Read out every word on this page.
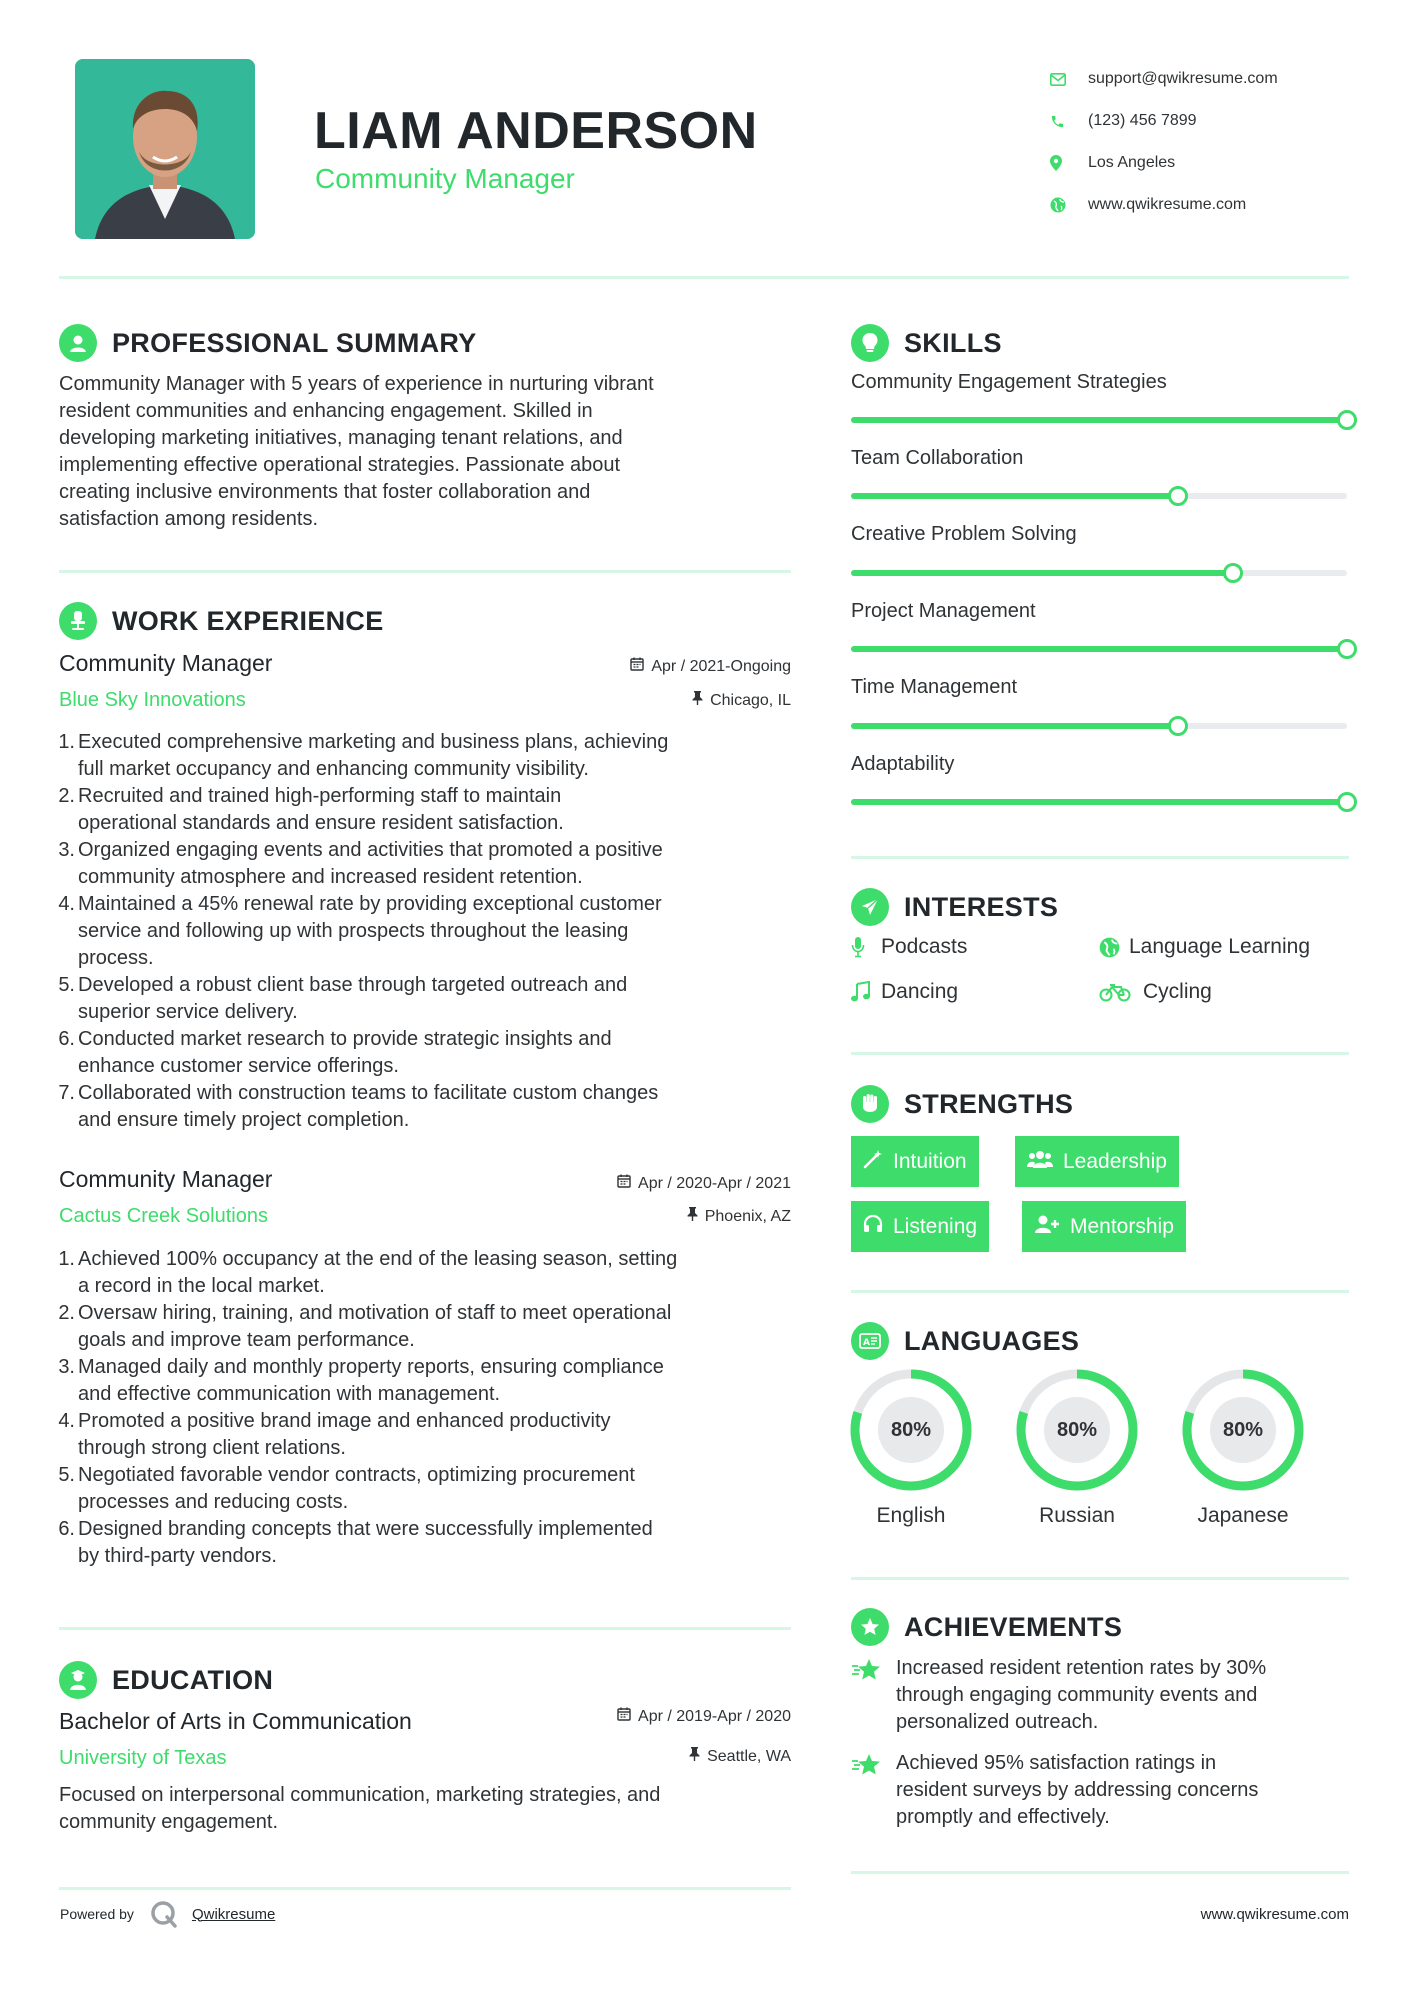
LIAM ANDERSON
Community Manager
support@qwikresume.com
(123) 456 7899
Los Angeles
www.qwikresume.com
PROFESSIONAL SUMMARY
Community Manager with 5 years of experience in nurturing vibrant
resident communities and enhancing engagement. Skilled in
developing marketing initiatives, managing tenant relations, and
implementing effective operational strategies. Passionate about
creating inclusive environments that foster collaboration and
satisfaction among residents.
WORK EXPERIENCE
Community Manager
Blue Sky Innovations
Apr / 2021-Ongoing
Chicago, IL
1. Executed comprehensive marketing and business plans, achieving
full market occupancy and enhancing community visibility.
2. Recruited and trained high-performing staff to maintain
operational standards and ensure resident satisfaction.
3. Organized engaging events and activities that promoted a positive
community atmosphere and increased resident retention.
4. Maintained a 45% renewal rate by providing exceptional customer
service and following up with prospects throughout the leasing
process.
5. Developed a robust client base through targeted outreach and
superior service delivery.
6. Conducted market research to provide strategic insights and
enhance customer service offerings.
7. Collaborated with construction teams to facilitate custom changes
and ensure timely project completion.
Community Manager
Cactus Creek Solutions
Apr / 2020-Apr / 2021
Phoenix, AZ
1. Achieved 100% occupancy at the end of the leasing season, setting
a record in the local market.
2. Oversaw hiring, training, and motivation of staff to meet operational
goals and improve team performance.
3. Managed daily and monthly property reports, ensuring compliance
and effective communication with management.
4. Promoted a positive brand image and enhanced productivity
through strong client relations.
5. Negotiated favorable vendor contracts, optimizing procurement
processes and reducing costs.
6. Designed branding concepts that were successfully implemented
by third-party vendors.
EDUCATION
Bachelor of Arts in Communication
University of Texas
Apr / 2019-Apr / 2020
Seattle, WA
Focused on interpersonal communication, marketing strategies, and
community engagement.
SKILLS
Community Engagement Strategies
Team Collaboration
Creative Problem Solving
Project Management
Time Management
Adaptability
INTERESTS
Podcasts	Language Learning
Dancing	Cycling
STRENGTHS
Intuition	Leadership
Listening	Mentorship
A LANGUAGES
80%
English
80%
Russian
80%
Japanese
ACHIEVEMENTS
Increased resident retention rates by 30%
through engaging community events and
personalized outreach.
Achieved 95% satisfaction ratings in
resident surveys by addressing concerns
promptly and effectively.
Powered by	Qwikresume	www.qwikresume.com
